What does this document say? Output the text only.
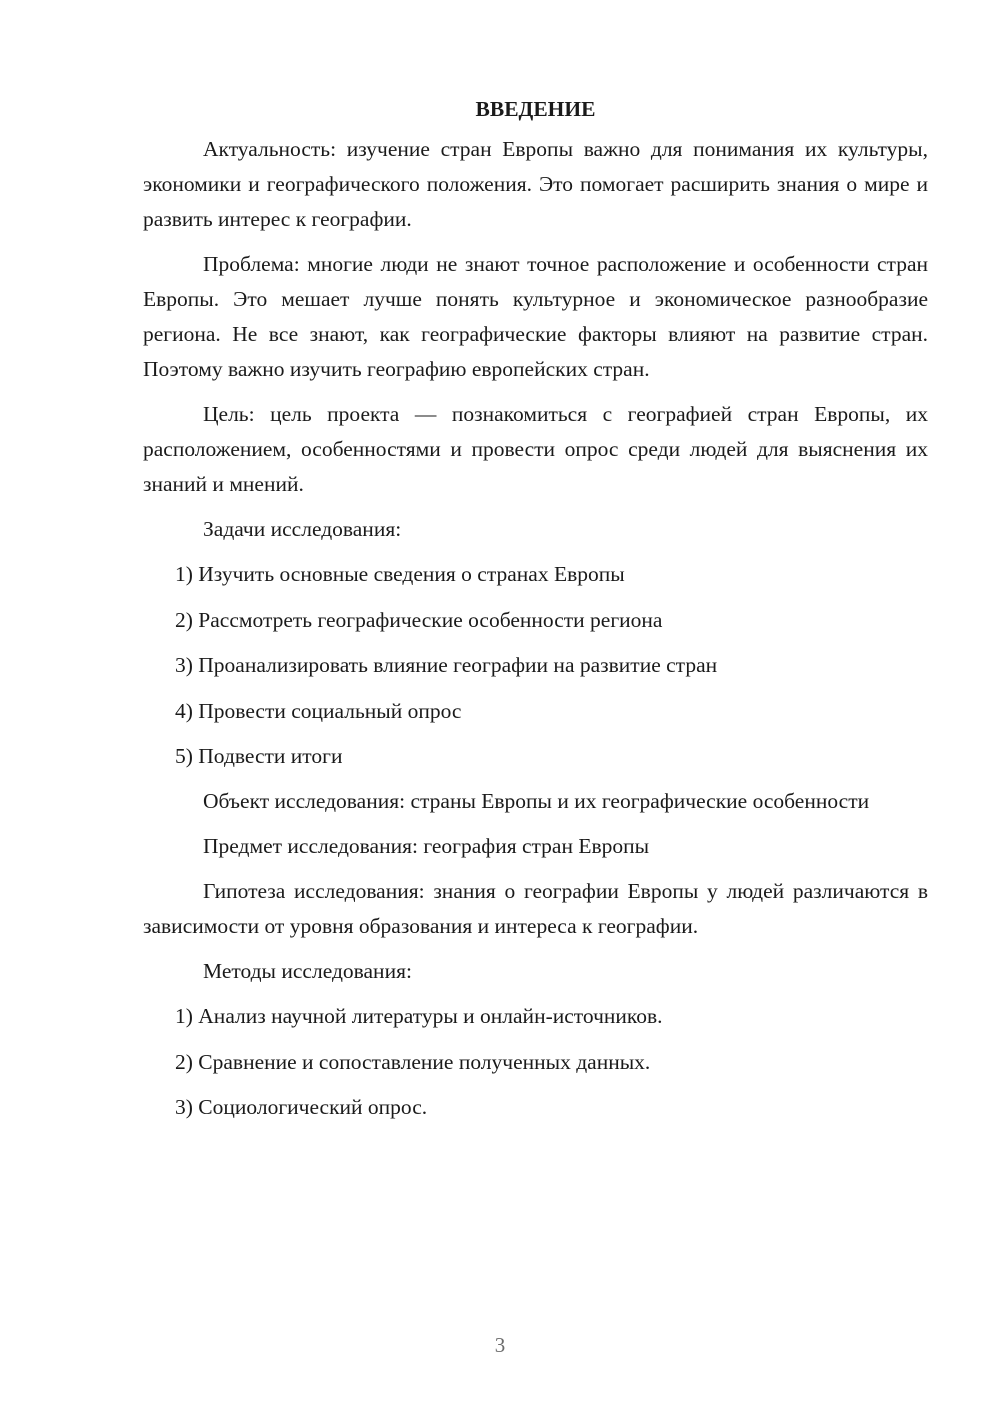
ВВЕДЕНИЕ

Актуальность: изучение стран Европы важно для понимания их культуры, экономики и географического положения. Это помогает расширить знания о мире и развить интерес к географии.

Проблема: многие люди не знают точное расположение и особенности стран Европы. Это мешает лучше понять культурное и экономическое разнообразие региона. Не все знают, как географические факторы влияют на развитие стран. Поэтому важно изучить географию европейских стран.

Цель: цель проекта — познакомиться с географией стран Европы, их расположением, особенностями и провести опрос среди людей для выяснения их знаний и мнений.

Задачи исследования:

1) Изучить основные сведения о странах Европы

2) Рассмотреть географические особенности региона

3) Проанализировать влияние географии на развитие стран

4) Провести социальный опрос

5) Подвести итоги

Объект исследования: страны Европы и их географические особенности

Предмет исследования: география стран Европы

Гипотеза исследования: знания о географии Европы у людей различаются в зависимости от уровня образования и интереса к географии.

Методы исследования:

1) Анализ научной литературы и онлайн-источников.

2) Сравнение и сопоставление полученных данных.

3) Социологический опрос.

3
